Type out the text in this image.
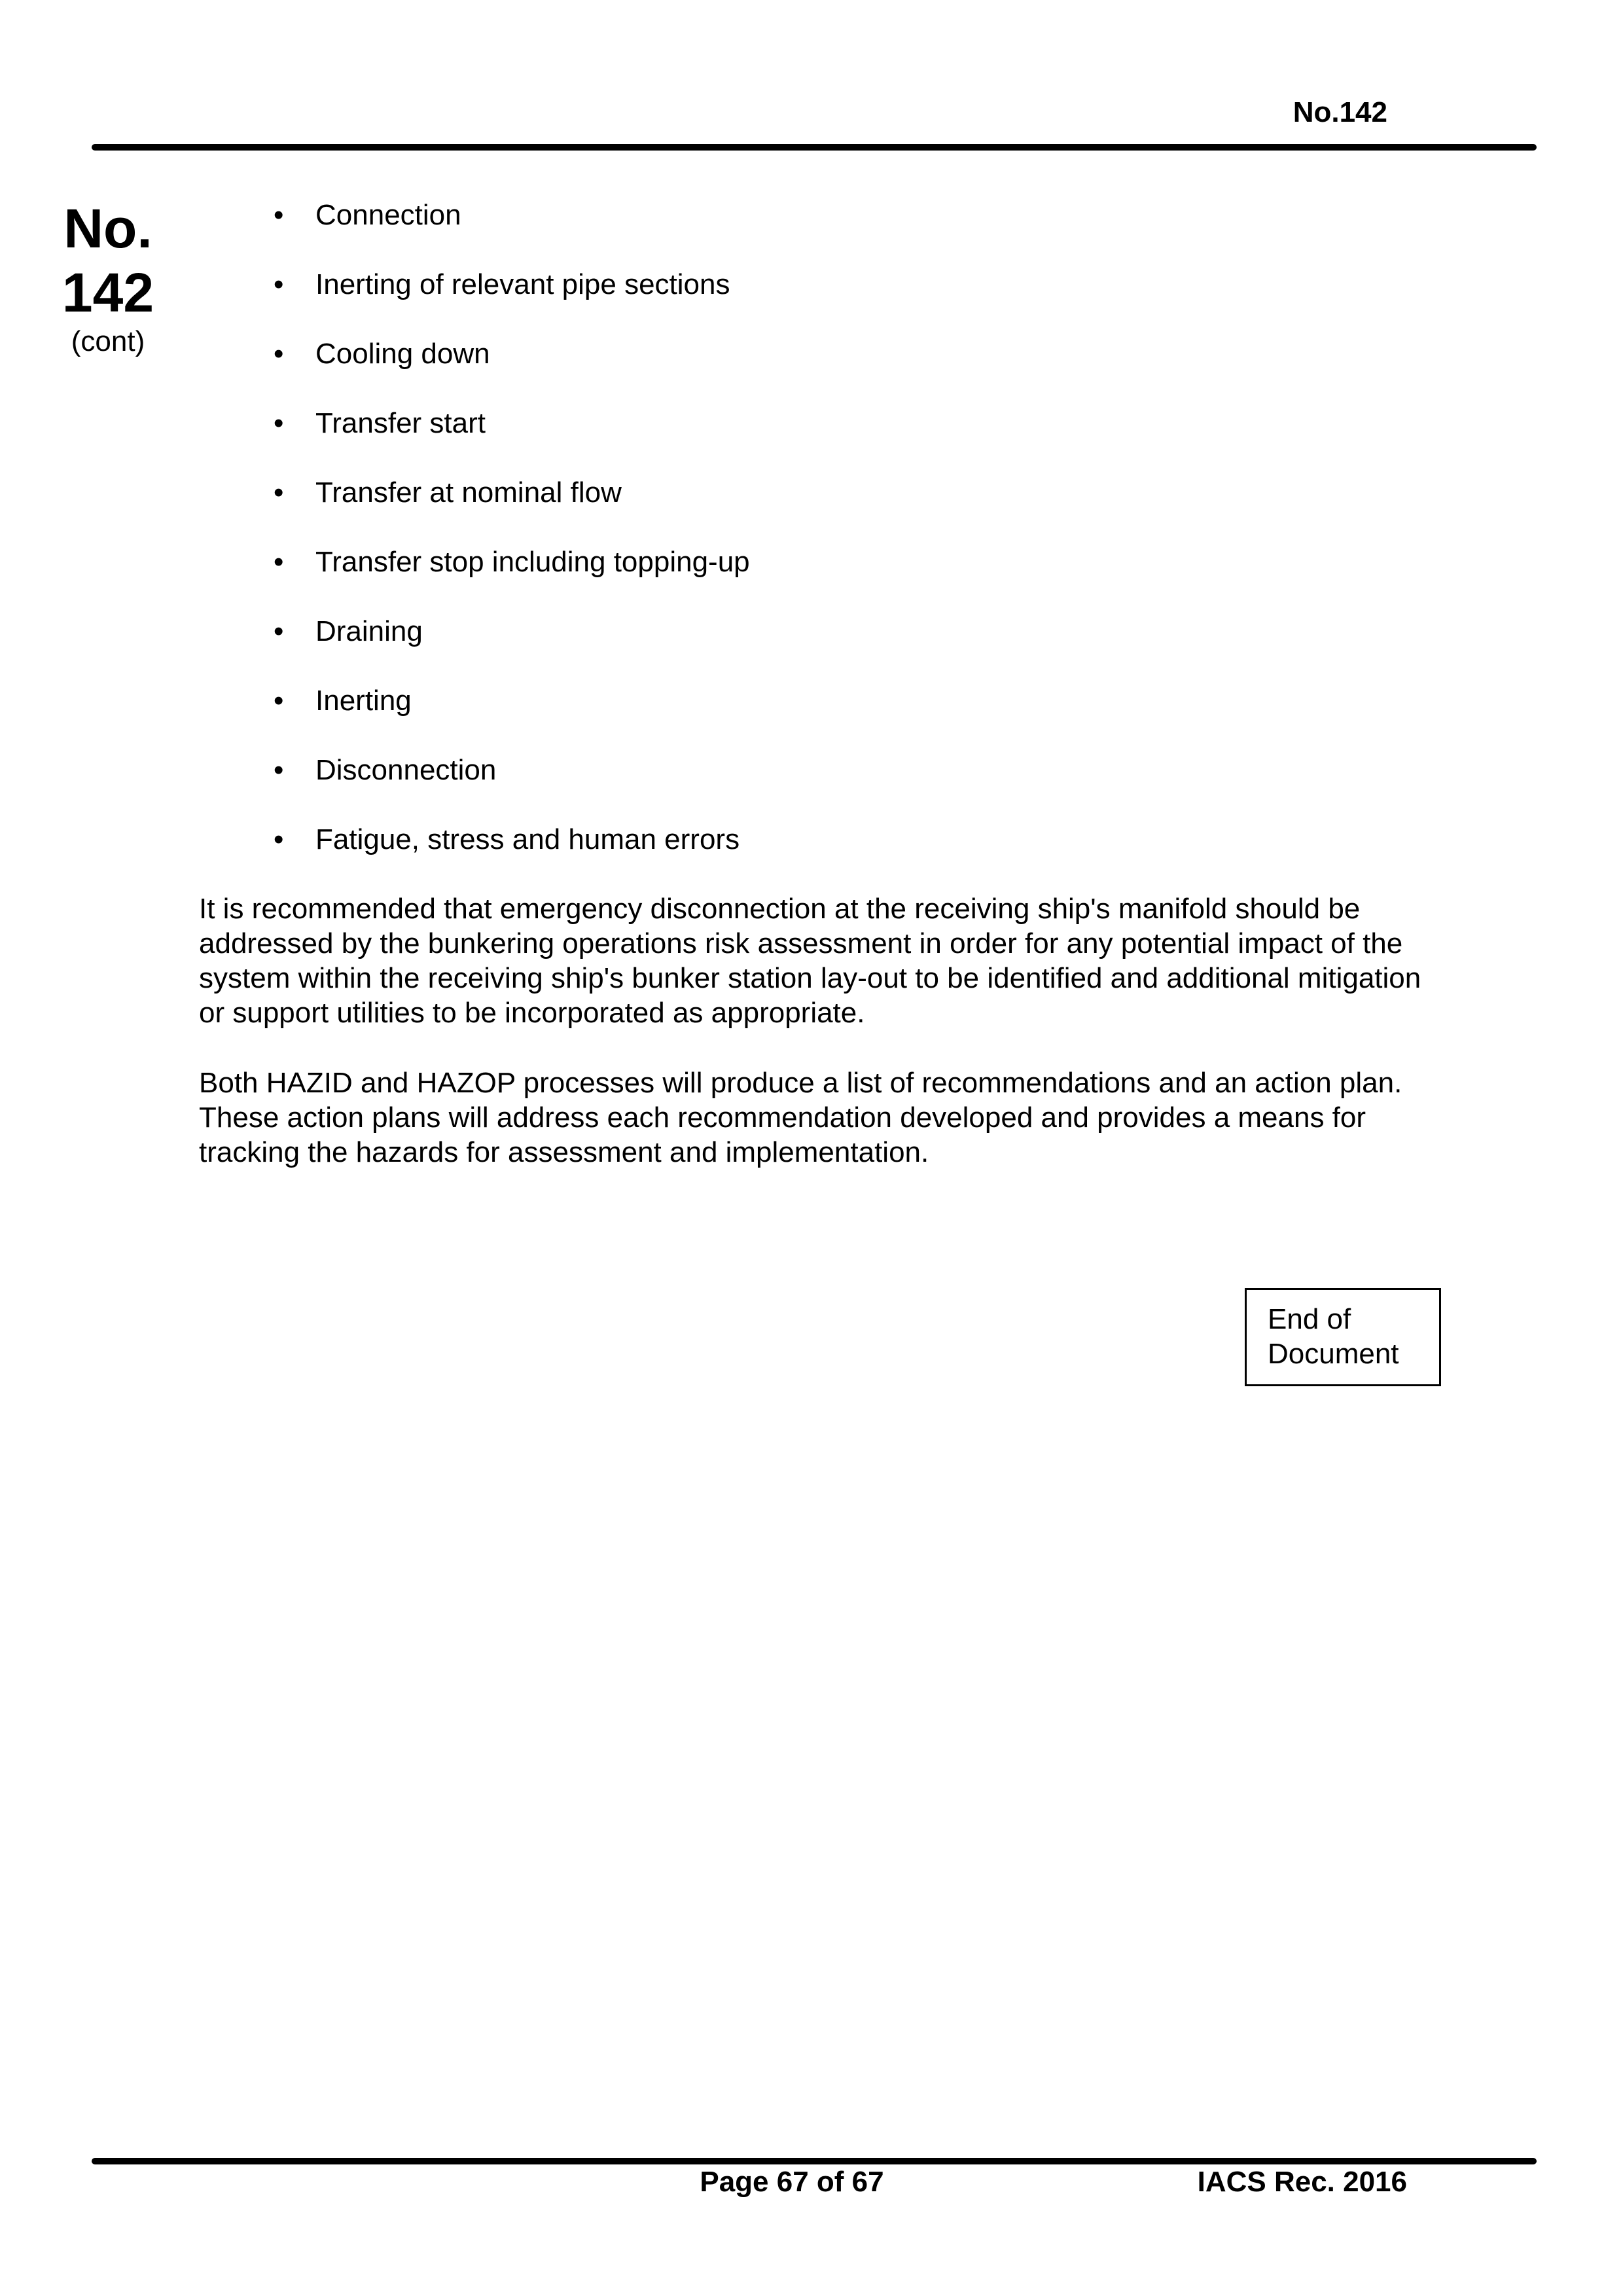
No.142
No.
142
(cont)
• Connection
• Inerting of relevant pipe sections
• Cooling down
• Transfer start
• Transfer at nominal flow
• Transfer stop including topping-up
• Draining
• Inerting
• Disconnection
• Fatigue, stress and human errors

It is recommended that emergency disconnection at the receiving ship's manifold should be addressed by the bunkering operations risk assessment in order for any potential impact of the system within the receiving ship's bunker station lay-out to be identified and additional mitigation or support utilities to be incorporated as appropriate.

Both HAZID and HAZOP processes will produce a list of recommendations and an action plan. These action plans will address each recommendation developed and provides a means for tracking the hazards for assessment and implementation.

End of
Document
Page 67 of 67	IACS Rec. 2016
